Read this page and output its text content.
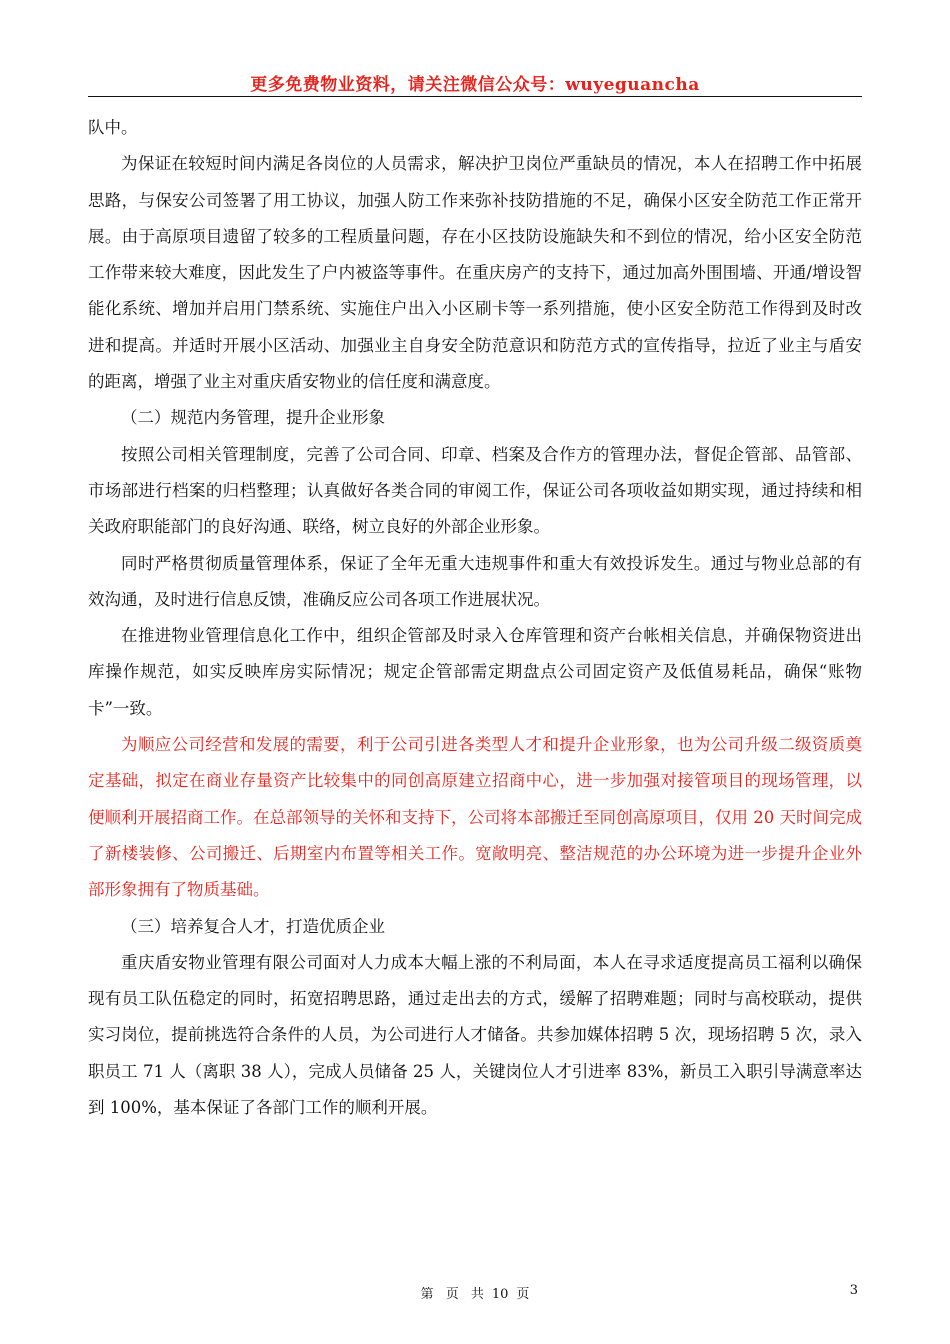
更多免费物业资料，请关注微信公众号：wuyeguancha

队中。

为保证在较短时间内满足各岗位的人员需求，解决护卫岗位严重缺员的情况，本人在招聘工作中拓展思路，与保安公司签署了用工协议，加强人防工作来弥补技防措施的不足，确保小区安全防范工作正常开展。由于高原项目遗留了较多的工程质量问题，存在小区技防设施缺失和不到位的情况，给小区安全防范工作带来较大难度，因此发生了户内被盗等事件。在重庆房产的支持下，通过加高外围围墙、开通/增设智能化系统、增加并启用门禁系统、实施住户出入小区刷卡等一系列措施，使小区安全防范工作得到及时改进和提高。并适时开展小区活动、加强业主自身安全防范意识和防范方式的宣传指导，拉近了业主与盾安的距离，增强了业主对重庆盾安物业的信任度和满意度。

（二）规范内务管理，提升企业形象

按照公司相关管理制度，完善了公司合同、印章、档案及合作方的管理办法，督促企管部、品管部、市场部进行档案的归档整理；认真做好各类合同的审阅工作，保证公司各项收益如期实现，通过持续和相关政府职能部门的良好沟通、联络，树立良好的外部企业形象。

同时严格贯彻质量管理体系，保证了全年无重大违规事件和重大有效投诉发生。通过与物业总部的有效沟通，及时进行信息反馈，准确反应公司各项工作进展状况。

在推进物业管理信息化工作中，组织企管部及时录入仓库管理和资产台帐相关信息，并确保物资进出库操作规范，如实反映库房实际情况；规定企管部需定期盘点公司固定资产及低值易耗品，确保“账物卡”一致。

为顺应公司经营和发展的需要，利于公司引进各类型人才和提升企业形象，也为公司升级二级资质奠定基础，拟定在商业存量资产比较集中的同创高原建立招商中心，进一步加强对接管项目的现场管理，以便顺利开展招商工作。在总部领导的关怀和支持下，公司将本部搬迁至同创高原项目，仅用 20 天时间完成了新楼装修、公司搬迁、后期室内布置等相关工作。宽敞明亮、整洁规范的办公环境为进一步提升企业外部形象拥有了物质基础。

（三）培养复合人才，打造优质企业

重庆盾安物业管理有限公司面对人力成本大幅上涨的不利局面，本人在寻求适度提高员工福利以确保现有员工队伍稳定的同时，拓宽招聘思路，通过走出去的方式，缓解了招聘难题；同时与高校联动，提供实习岗位，提前挑选符合条件的人员，为公司进行人才储备。共参加媒体招聘 5 次，现场招聘 5 次，录入职员工 71 人（离职 38 人），完成人员储备 25 人，关键岗位人才引进率 83%，新员工入职引导满意率达到 100%，基本保证了各部门工作的顺利开展。

第 页 共 10 页	3
